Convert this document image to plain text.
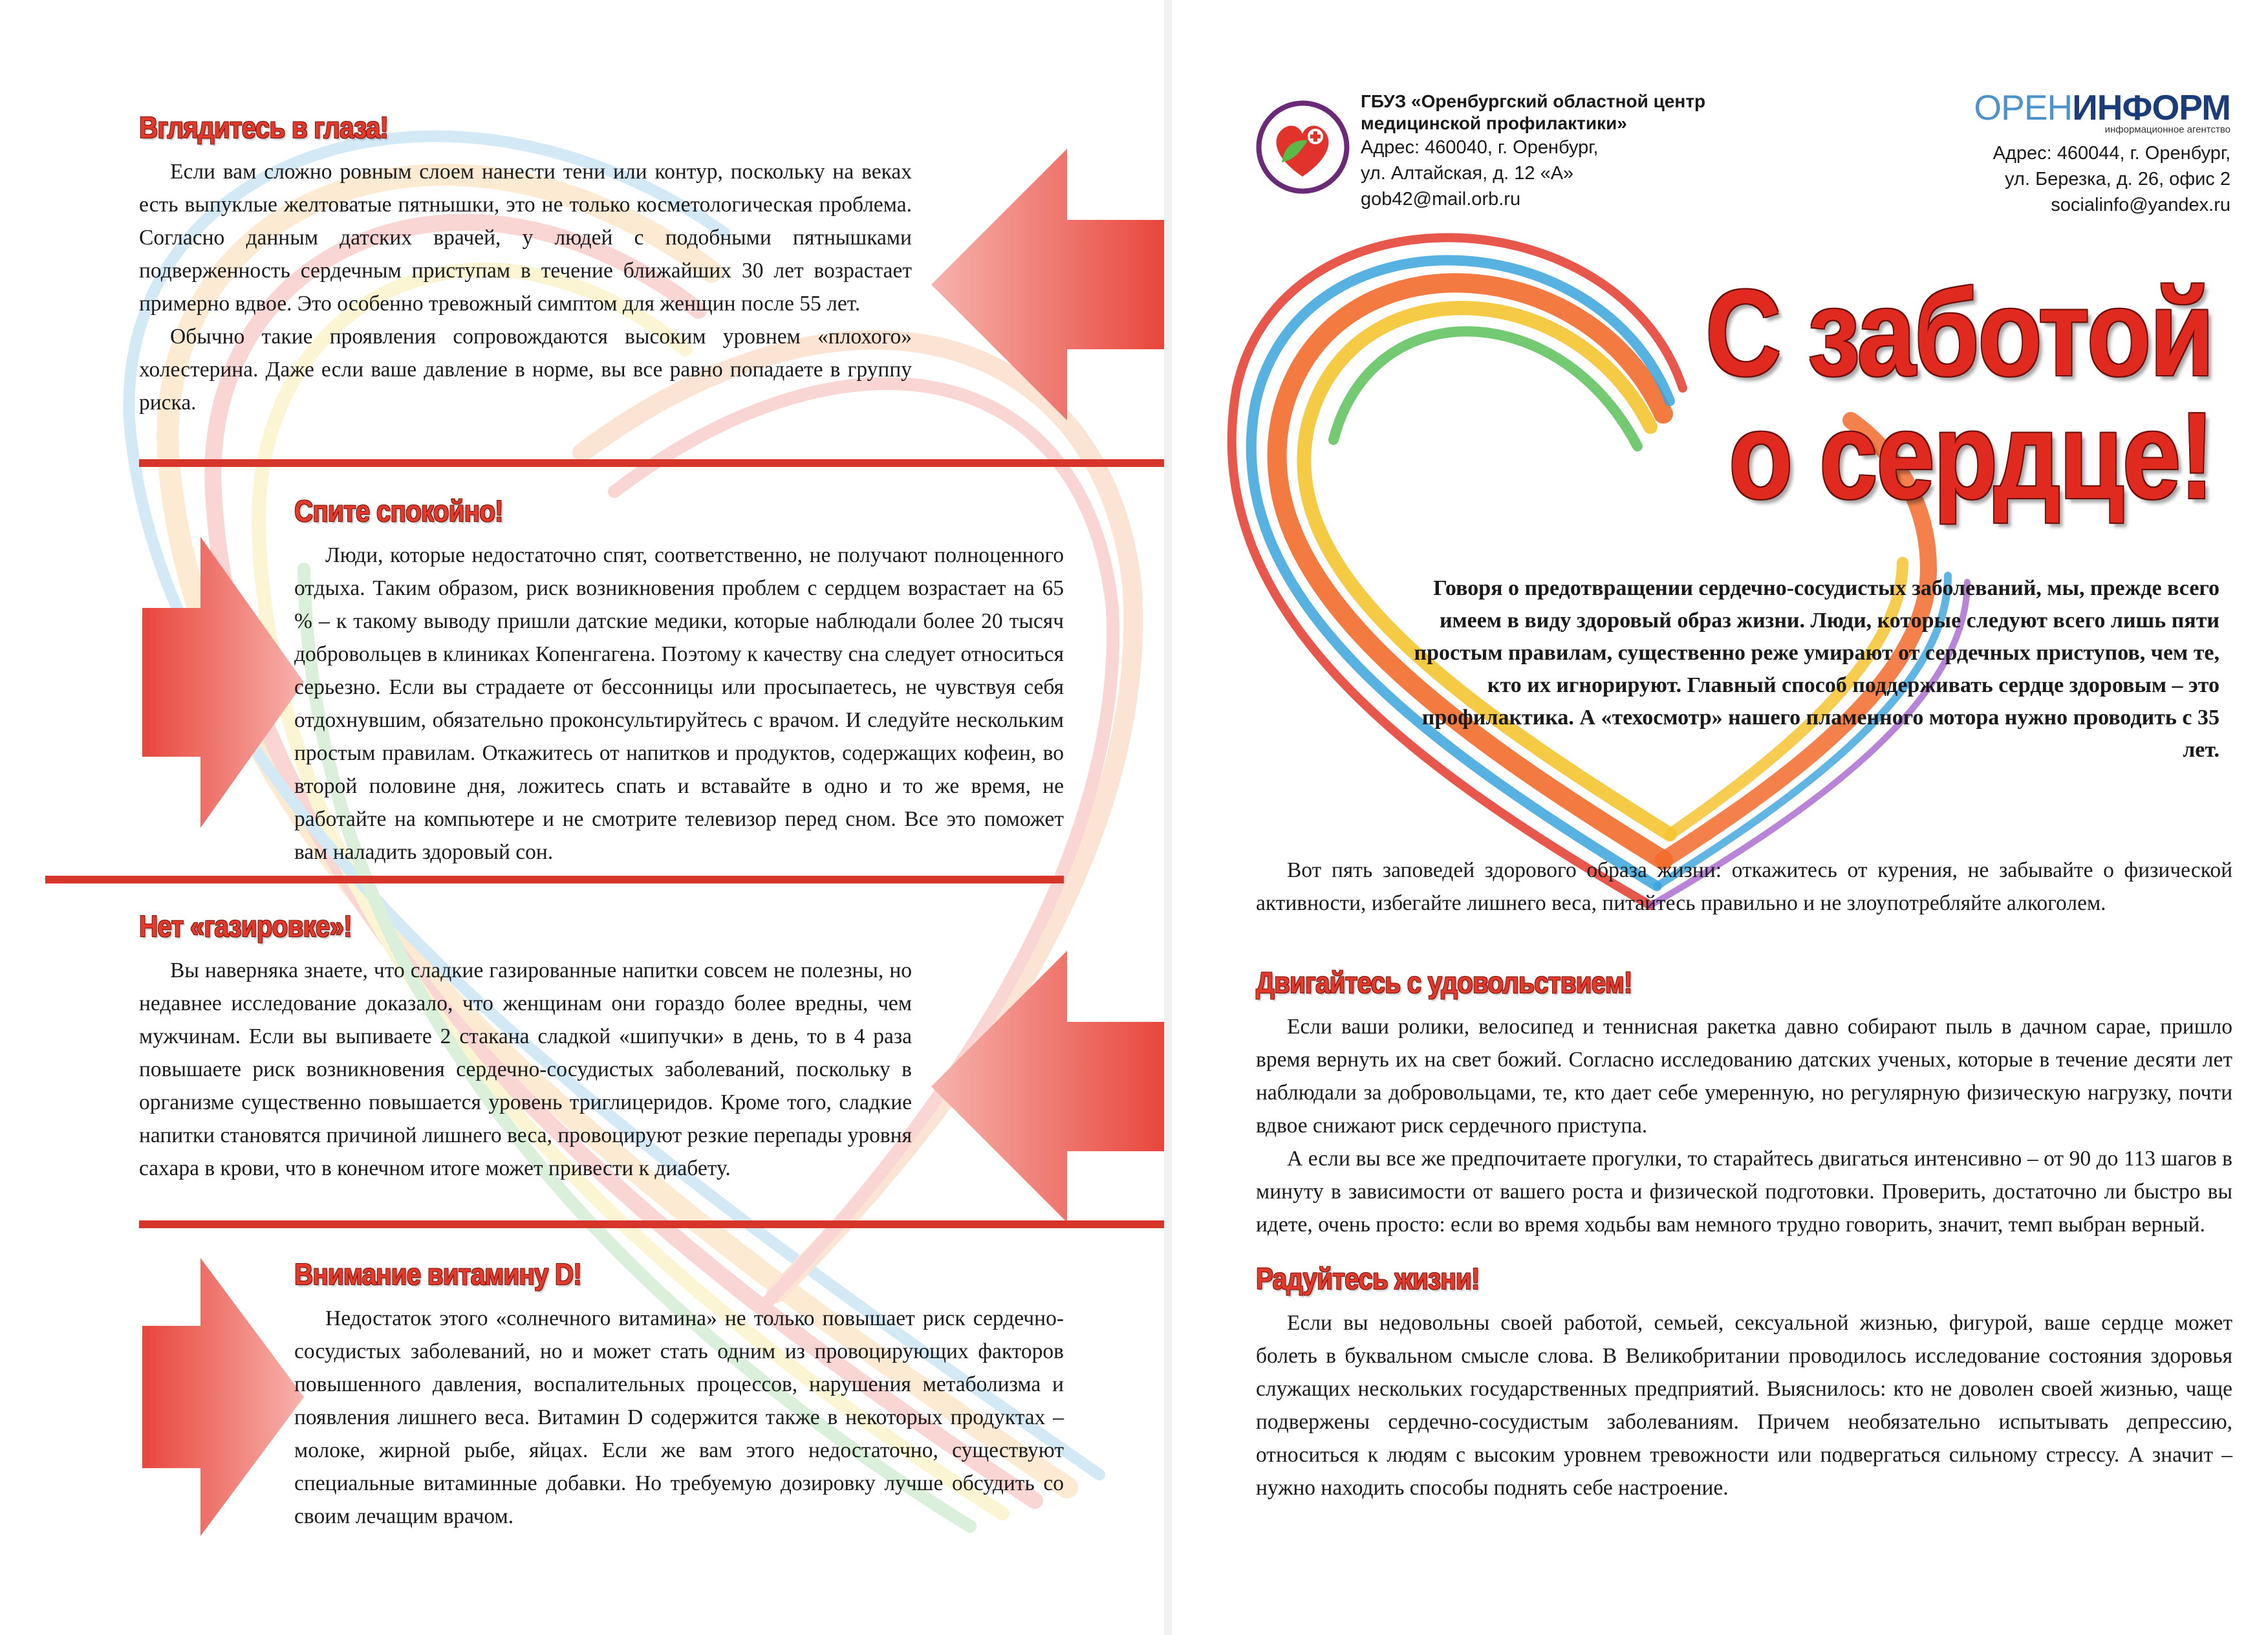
Вглядитесь в глаза!

Если вам сложно ровным слоем нанести тени или контур, поскольку на веках есть выпуклые желтоватые пятнышки, это не только косметологическая проблема. Согласно данным датских врачей, у людей с подобными пятнышками подверженность сердечным приступам в течение ближайших 30 лет возрастает примерно вдвое. Это особенно тревожный симптом для женщин после 55 лет.

Обычно такие проявления сопровождаются высоким уровнем «плохого» холестерина. Даже если ваше давление в норме, вы все равно попадаете в группу риска.

Спите спокойно!

Люди, которые недостаточно спят, соответственно, не получают полноценного отдыха. Таким образом, риск возникновения проблем с сердцем возрастает на 65 % – к такому выводу пришли датские медики, которые наблюдали более 20 тысяч добровольцев в клиниках Копенгагена. Поэтому к качеству сна следует относиться серьезно. Если вы страдаете от бессонницы или просыпаетесь, не чувствуя себя отдохнувшим, обязательно проконсультируйтесь с врачом. И следуйте нескольким простым правилам. Откажитесь от напитков и продуктов, содержащих кофеин, во второй половине дня, ложитесь спать и вставайте в одно и то же время, не работайте на компьютере и не смотрите телевизор перед сном. Все это поможет вам наладить здоровый сон.

Нет «газировке»!

Вы наверняка знаете, что сладкие газированные напитки совсем не полезны, но недавнее исследование доказало, что женщинам они гораздо более вредны, чем мужчинам. Если вы выпиваете 2 стакана сладкой «шипучки» в день, то в 4 раза повышаете риск возникновения сердечно-сосудистых заболеваний, поскольку в организме существенно повышается уровень триглицеридов. Кроме того, сладкие напитки становятся причиной лишнего веса, провоцируют резкие перепады уровня сахара в крови, что в конечном итоге может привести к диабету.

Внимание витамину D!

Недостаток этого «солнечного витамина» не только повышает риск сердечно-сосудистых заболеваний, но и может стать одним из провоцирующих факторов повышенного давления, воспалительных процессов, нарушения метаболизма и появления лишнего веса. Витамин D содержится также в некоторых продуктах – молоке, жирной рыбе, яйцах. Если же вам этого недостаточно, существуют специальные витаминные добавки. Но требуемую дозировку лучше обсудить со своим лечащим врачом.

ГБУЗ «Оренбургский областной центр
медицинской профилактики»
Адрес: 460040, г. Оренбург,
ул. Алтайская, д. 12 «А»
gob42@mail.orb.ru
ОРЕНИНФОРМ
информационное агентство
Адрес: 460044, г. Оренбург,
ул. Березка, д. 26, офис 2
socialinfo@yandex.ru
С заботой
о сердце!
Говоря о предотвращении сердечно-сосудистых заболеваний, мы, прежде всего имеем в виду здоровый образ жизни. Люди, которые следуют всего лишь пяти простым правилам, существенно реже умирают от сердечных приступов, чем те, кто их игнорируют. Главный способ поддерживать сердце здоровым – это профилактика. А «техосмотр» нашего пламенного мотора нужно проводить с 35 лет.

Вот пять заповедей здорового образа жизни: откажитесь от курения, не забывайте о физической активности, избегайте лишнего веса, питайтесь правильно и не злоупотребляйте алкоголем.

Двигайтесь с удовольствием!

Если ваши ролики, велосипед и теннисная ракетка давно собирают пыль в дачном сарае, пришло время вернуть их на свет божий. Согласно исследованию датских ученых, которые в течение десяти лет наблюдали за добровольцами, те, кто дает себе умеренную, но регулярную физическую нагрузку, почти вдвое снижают риск сердечного приступа.

А если вы все же предпочитаете прогулки, то старайтесь двигаться интенсивно – от 90 до 113 шагов в минуту в зависимости от вашего роста и физической подготовки. Проверить, достаточно ли быстро вы идете, очень просто: если во время ходьбы вам немного трудно говорить, значит, темп выбран верный.

Радуйтесь жизни!

Если вы недовольны своей работой, семьей, сексуальной жизнью, фигурой, ваше сердце может болеть в буквальном смысле слова. В Великобритании проводилось исследование состояния здоровья служащих нескольких государственных предприятий. Выяснилось: кто не доволен своей жизнью, чаще подвержены сердечно-сосудистым заболеваниям. Причем необязательно испытывать депрессию, относиться к людям с высоким уровнем тревожности или подвергаться сильному стрессу. А значит – нужно находить способы поднять себе настроение.
